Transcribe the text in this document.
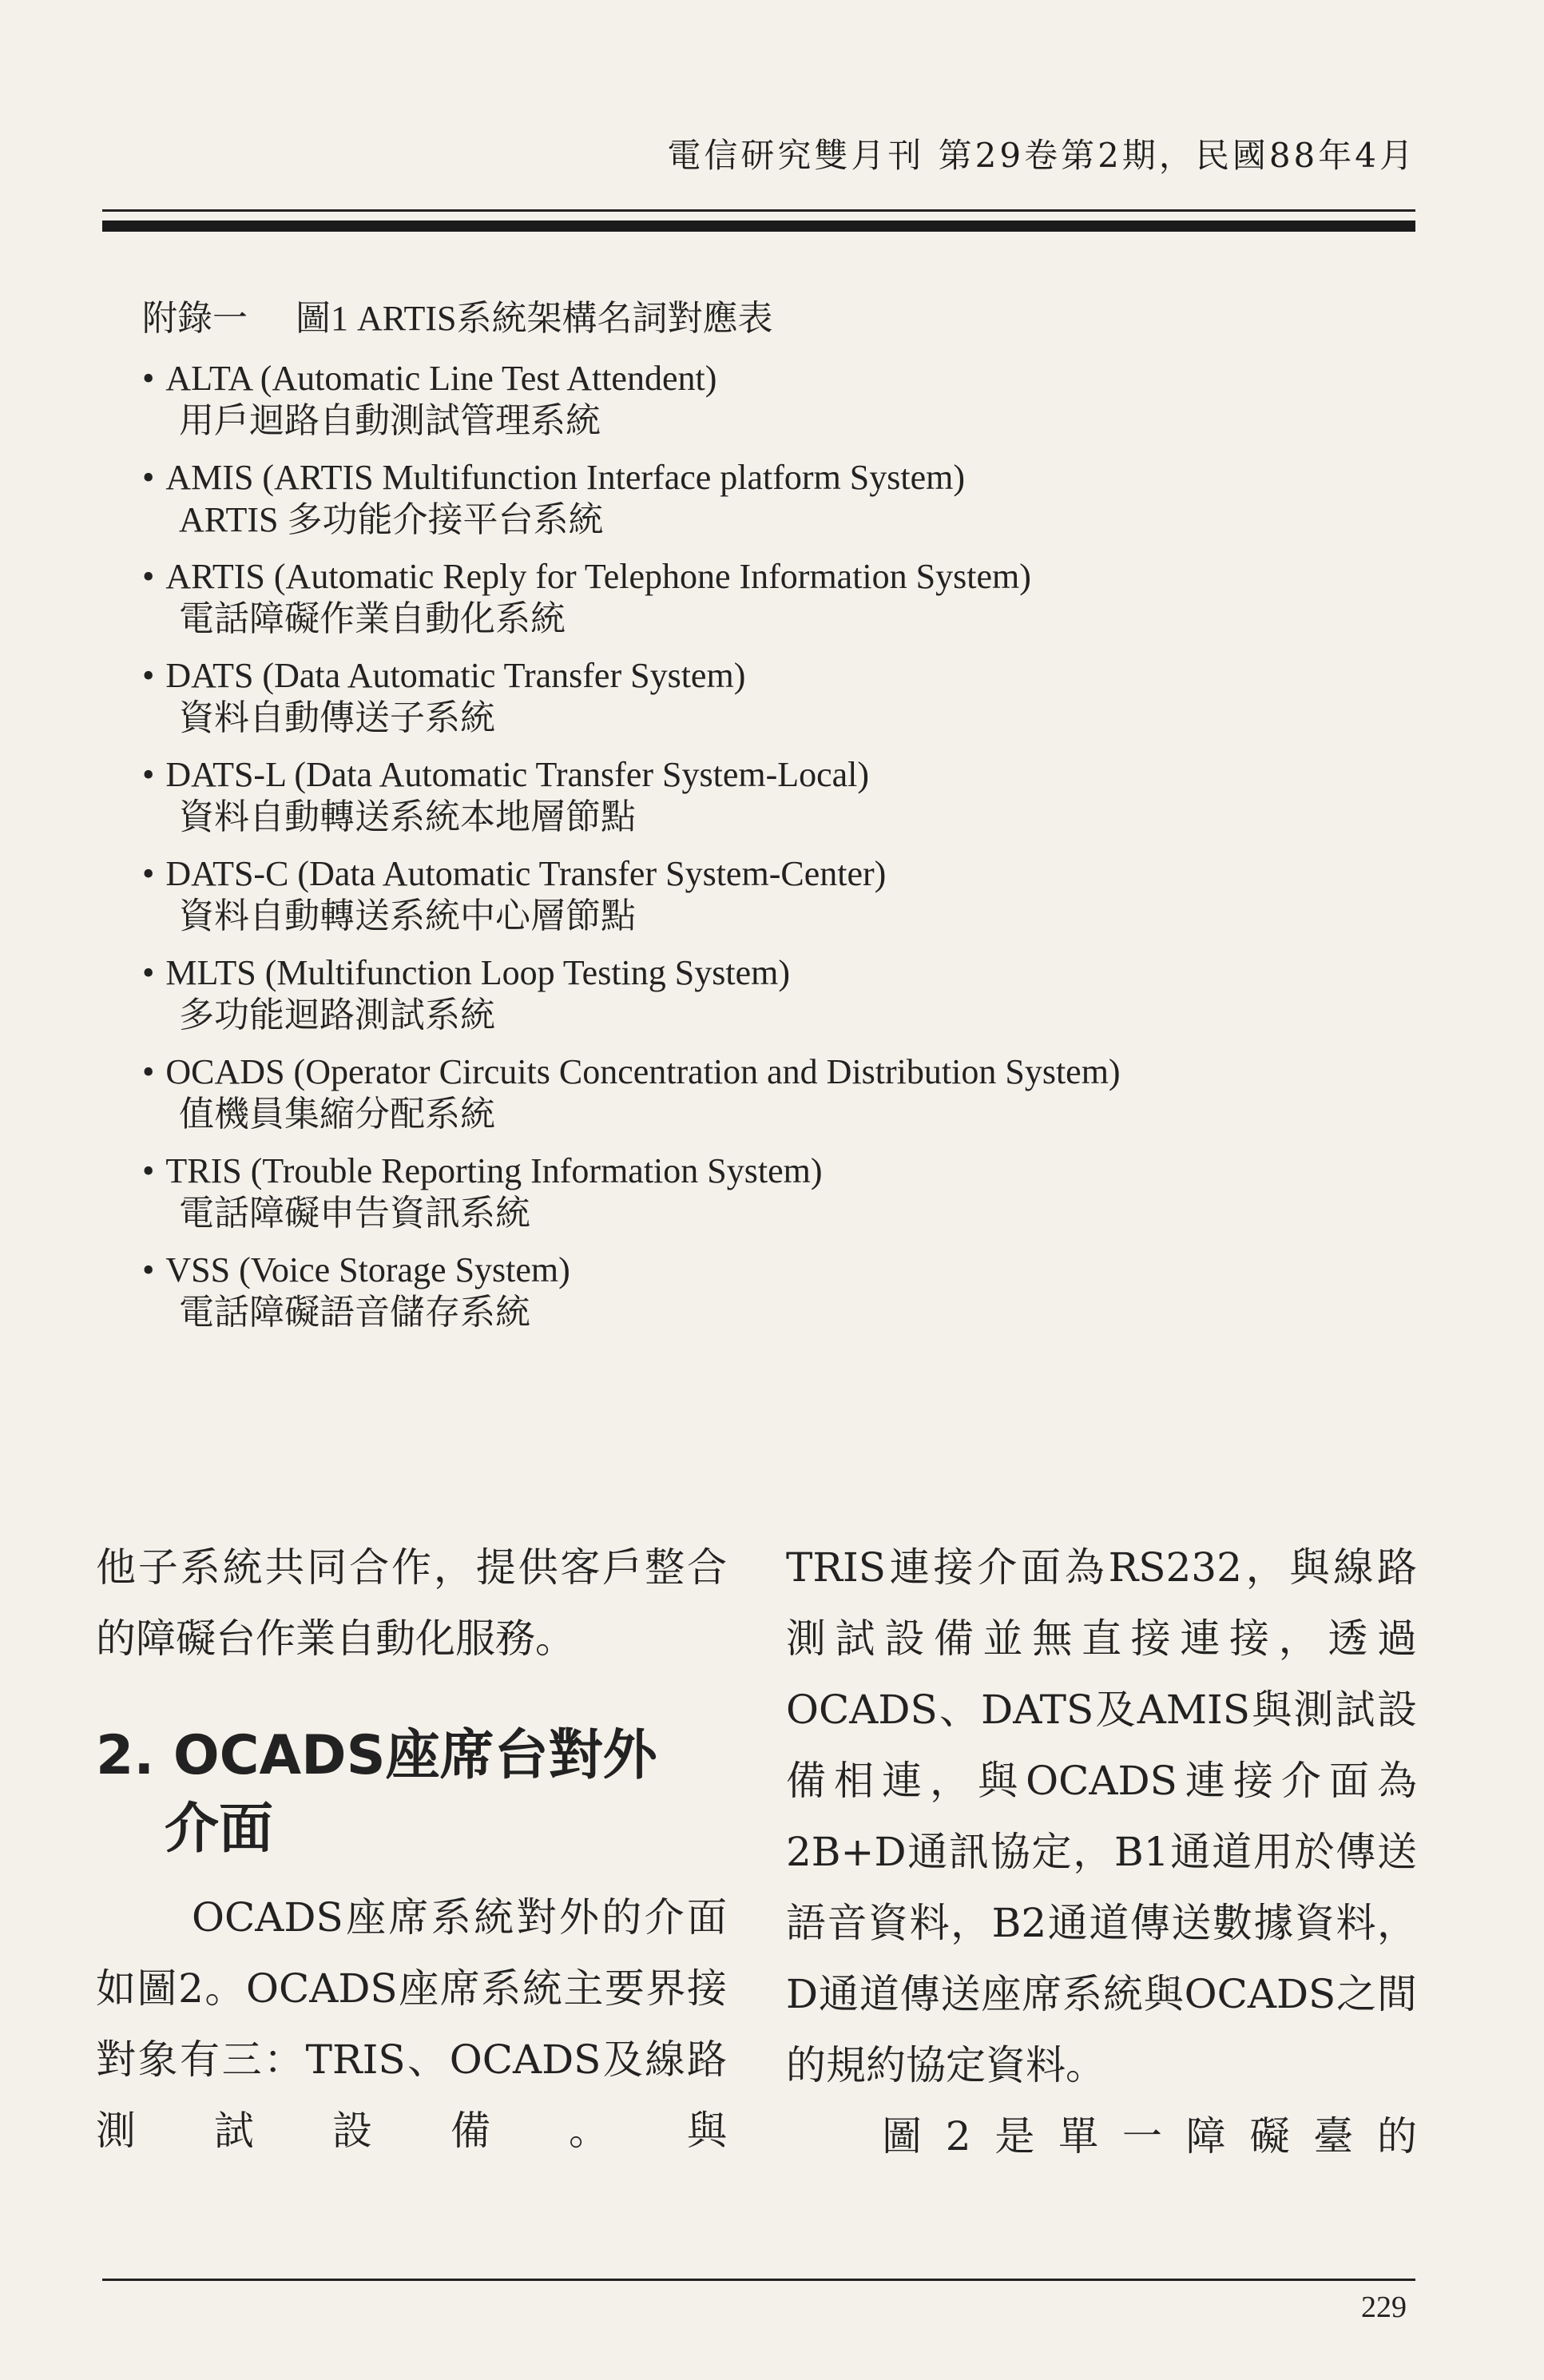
電信研究雙月刊 第29卷第2期，民國88年4月
附錄一 圖1 ARTIS系統架構名詞對應表
• ALTA (Automatic Line Test Attendent)
用戶迴路自動測試管理系統
• AMIS (ARTIS Multifunction Interface platform System)
ARTIS 多功能介接平台系統
• ARTIS (Automatic Reply for Telephone Information System)
電話障礙作業自動化系統
• DATS (Data Automatic Transfer System)
資料自動傳送子系統
• DATS-L (Data Automatic Transfer System-Local)
資料自動轉送系統本地層節點
• DATS-C (Data Automatic Transfer System-Center)
資料自動轉送系統中心層節點
• MLTS (Multifunction Loop Testing System)
多功能迴路測試系統
• OCADS (Operator Circuits Concentration and Distribution System)
值機員集縮分配系統
• TRIS (Trouble Reporting Information System)
電話障礙申告資訊系統
• VSS (Voice Storage System)
電話障礙語音儲存系統

他子系統共同合作，提供客戶整合的障礙台作業自動化服務。

2. OCADS座席台對外
介面

OCADS座席系統對外的介面如圖2。OCADS座席系統主要界接對象有三：TRIS、OCADS及線路測試設備。與

TRIS連接介面為RS232，與線路測試設備並無直接連接，透過OCADS、DATS及AMIS與測試設備相連，與OCADS連接介面為2B+D通訊協定，B1通道用於傳送語音資料，B2通道傳送數據資料，D通道傳送座席系統與OCADS之間的規約協定資料。

圖2是單一障礙臺的

229
